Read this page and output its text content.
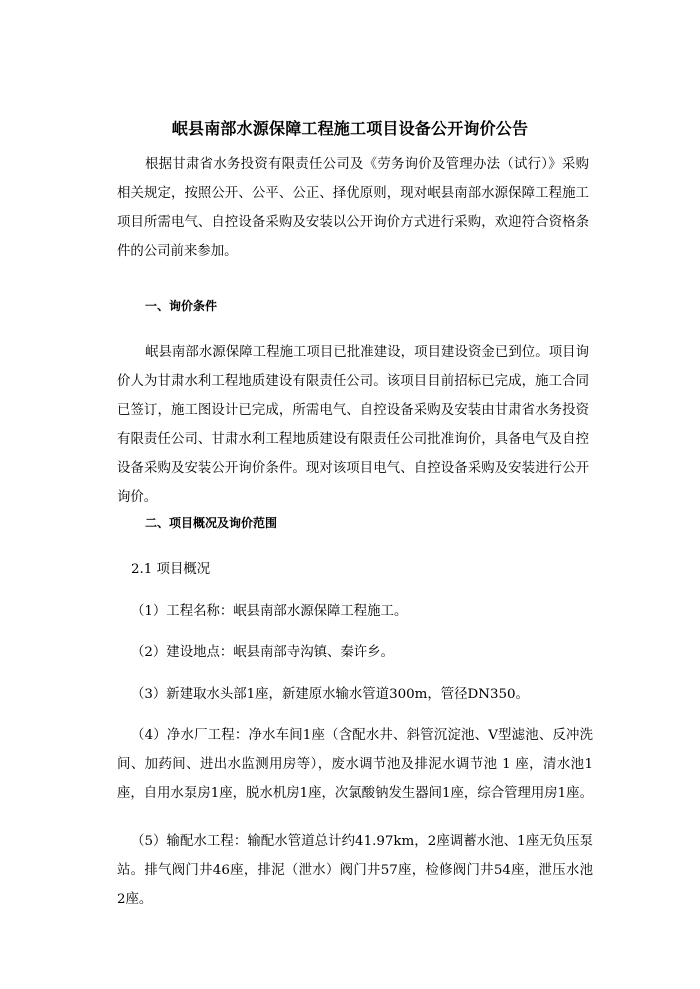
岷县南部水源保障工程施工项目设备公开询价公告
根据甘肃省水务投资有限责任公司及《劳务询价及管理办法（试行）》采购相关规定，按照公开、公平、公正、择优原则，现对岷县南部水源保障工程施工项目所需电气、自控设备采购及安装以公开询价方式进行采购，欢迎符合资格条件的公司前来参加。
一、询价条件
岷县南部水源保障工程施工项目已批准建设，项目建设资金已到位。项目询价人为甘肃水利工程地质建设有限责任公司。该项目目前招标已完成，施工合同已签订，施工图设计已完成，所需电气、自控设备采购及安装由甘肃省水务投资有限责任公司、甘肃水利工程地质建设有限责任公司批准询价，具备电气及自控设备采购及安装公开询价条件。现对该项目电气、自控设备采购及安装进行公开询价。
二、项目概况及询价范围
2.1 项目概况
（1）工程名称：岷县南部水源保障工程施工。
（2）建设地点：岷县南部寺沟镇、秦许乡。
（3）新建取水头部1座，新建原水输水管道300m，管径DN350。
（4）净水厂工程：净水车间1座（含配水井、斜管沉淀池、V型滤池、反冲洗间、加药间、进出水监测用房等），废水调节池及排泥水调节池 1 座，清水池1座，自用水泵房1座，脱水机房1座，次氯酸钠发生器间1座，综合管理用房1座。
（5）输配水工程：输配水管道总计约41.97km，2座调蓄水池、1座无负压泵站。排气阀门井46座，排泥（泄水）阀门井57座，检修阀门井54座，泄压水池 2座。
